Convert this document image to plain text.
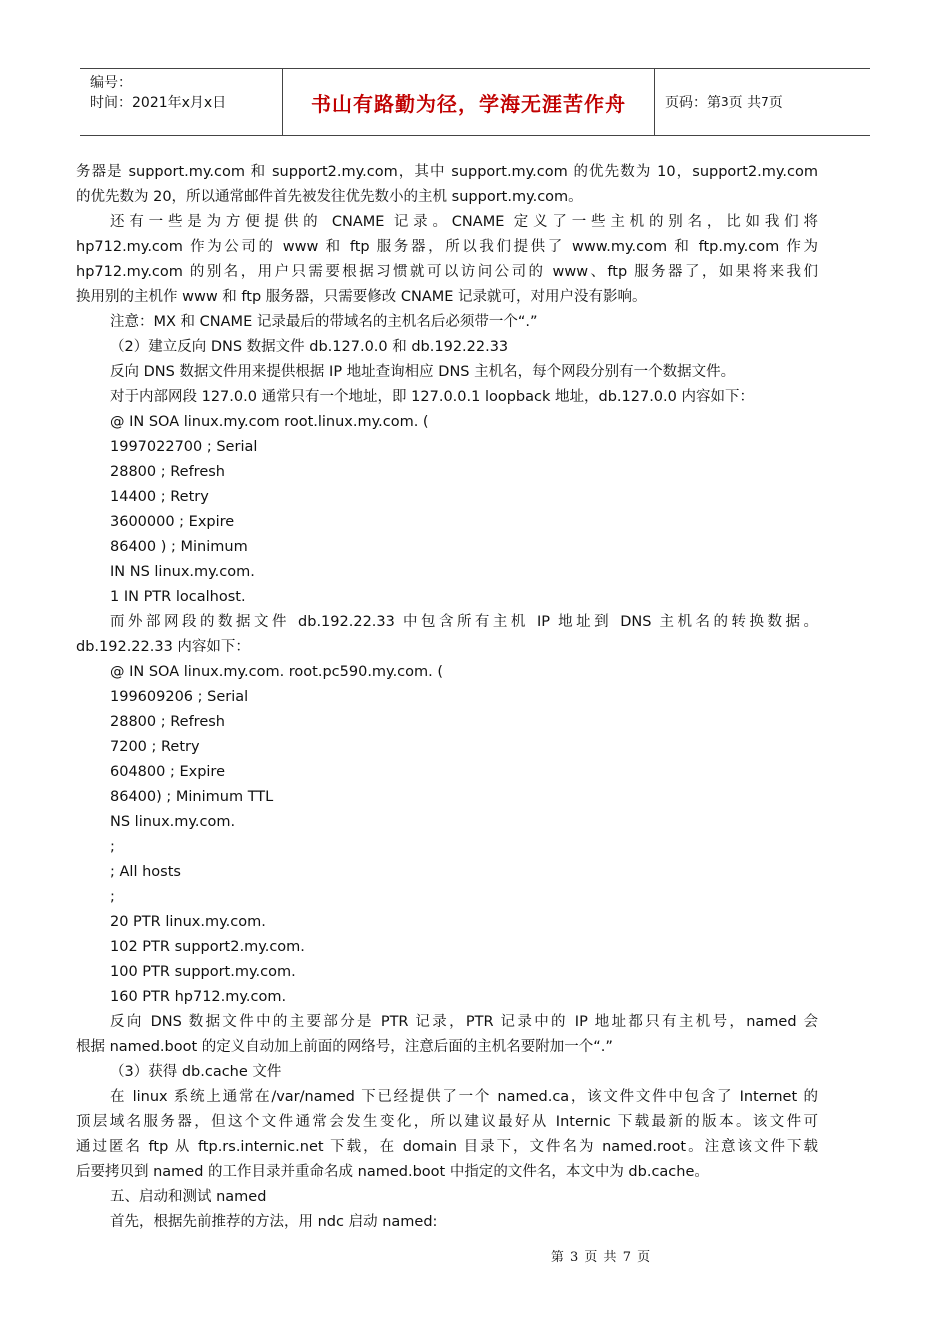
编号：
时间：2021年x月x日	书山有路勤为径，学海无涯苦作舟	页码：第 3 页 共 7 页
务器是 support.my.com 和 support2.my.com，其中 support.my.com 的优先数为 10，support2.my.com
的优先数为 20，所以通常邮件首先被发往优先数小的主机 support.my.com。
还有一些是为方便提供的 CNAME 记录。CNAME 定义了一些主机的别名，比如我们将
hp712.my.com 作为公司的 www 和 ftp 服务器，所以我们提供了 www.my.com 和 ftp.my.com 作为
hp712.my.com 的别名，用户只需要根据习惯就可以访问公司的 www、ftp 服务器了，如果将来我们
换用别的主机作 www 和 ftp 服务器，只需要修改 CNAME 记录就可，对用户没有影响。
注意：MX 和 CNAME 记录最后的带域名的主机名后必须带一个“.”
（2）建立反向 DNS 数据文件 db.127.0.0 和 db.192.22.33
反向 DNS 数据文件用来提供根据 IP 地址查询相应 DNS 主机名，每个网段分别有一个数据文件。
对于内部网段 127.0.0 通常只有一个地址，即 127.0.0.1 loopback 地址，db.127.0.0 内容如下：
@ IN SOA linux.my.com root.linux.my.com. (
1997022700 ; Serial
28800 ; Refresh
14400 ; Retry
3600000 ; Expire
86400 ) ; Minimum
IN NS linux.my.com.
1 IN PTR localhost.
而外部网段的数据文件 db.192.22.33 中包含所有主机 IP 地址到 DNS 主机名的转换数据。
db.192.22.33 内容如下：
@ IN SOA linux.my.com. root.pc590.my.com. (
199609206 ; Serial
28800 ; Refresh
7200 ; Retry
604800 ; Expire
86400) ; Minimum TTL
NS linux.my.com.
;
; All hosts
;
20 PTR linux.my.com.
102 PTR support2.my.com.
100 PTR support.my.com.
160 PTR hp712.my.com.
反向 DNS 数据文件中的主要部分是 PTR 记录，PTR 记录中的 IP 地址都只有主机号，named 会
根据 named.boot 的定义自动加上前面的网络号，注意后面的主机名要附加一个“.”
（3）获得 db.cache 文件
在 linux 系统上通常在/var/named 下已经提供了一个 named.ca，该文件文件中包含了 Internet 的
顶层域名服务器，但这个文件通常会发生变化，所以建议最好从 Internic 下载最新的版本。该文件可
通过匿名 ftp 从 ftp.rs.internic.net 下载，在 domain 目录下，文件名为 named.root。注意该文件下载
后要拷贝到 named 的工作目录并重命名成 named.boot 中指定的文件名，本文中为 db.cache。
五、启动和测试 named
首先，根据先前推荐的方法，用 ndc 启动 named:
第 3 页 共 7 页
